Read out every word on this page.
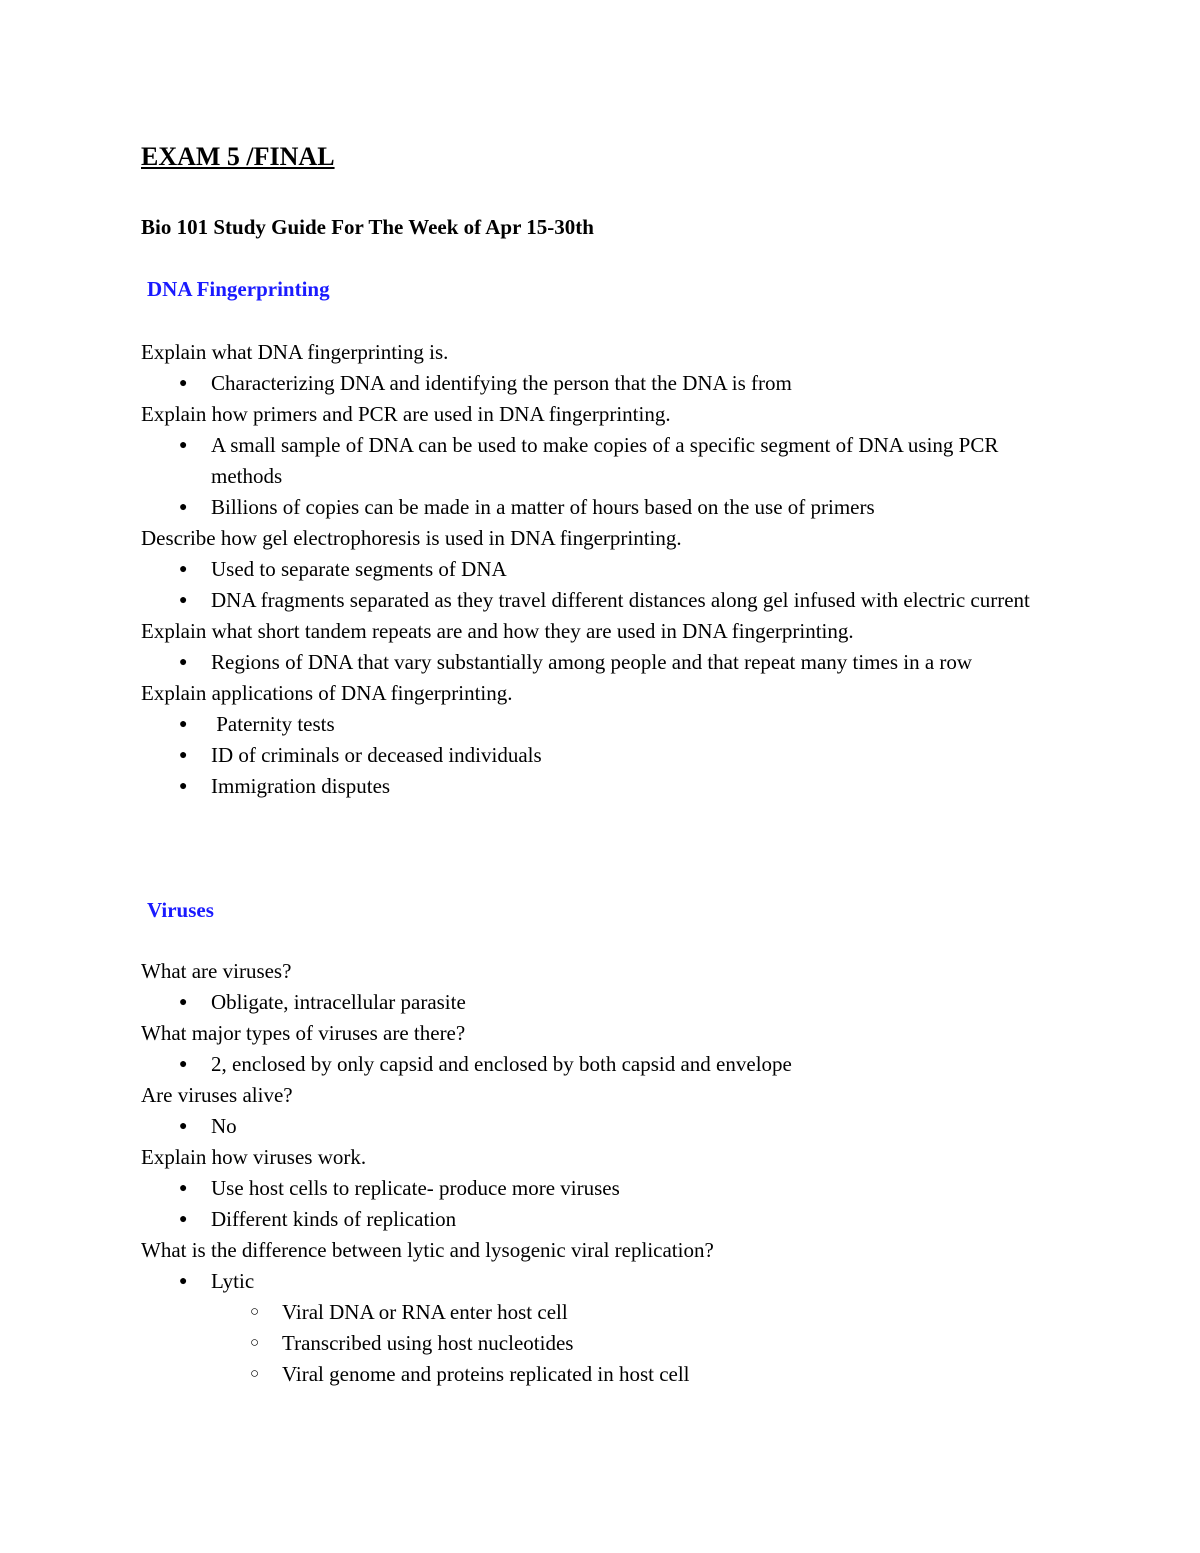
EXAM 5 /FINAL
Bio 101 Study Guide For The Week of Apr 15-30th
DNA Fingerprinting
Explain what DNA fingerprinting is.
● Characterizing DNA and identifying the person that the DNA is from
Explain how primers and PCR are used in DNA fingerprinting.
● A small sample of DNA can be used to make copies of a specific segment of DNA using PCR methods
● Billions of copies can be made in a matter of hours based on the use of primers
Describe how gel electrophoresis is used in DNA fingerprinting.
● Used to separate segments of DNA
● DNA fragments separated as they travel different distances along gel infused with electric current
Explain what short tandem repeats are and how they are used in DNA fingerprinting.
● Regions of DNA that vary substantially among people and that repeat many times in a row
Explain applications of DNA fingerprinting.
● Paternity tests
● ID of criminals or deceased individuals
● Immigration disputes
Viruses
What are viruses?
● Obligate, intracellular parasite
What major types of viruses are there?
● 2, enclosed by only capsid and enclosed by both capsid and envelope
Are viruses alive?
● No
Explain how viruses work.
● Use host cells to replicate- produce more viruses
● Different kinds of replication
What is the difference between lytic and lysogenic viral replication?
● Lytic
○ Viral DNA or RNA enter host cell
○ Transcribed using host nucleotides
○ Viral genome and proteins replicated in host cell
